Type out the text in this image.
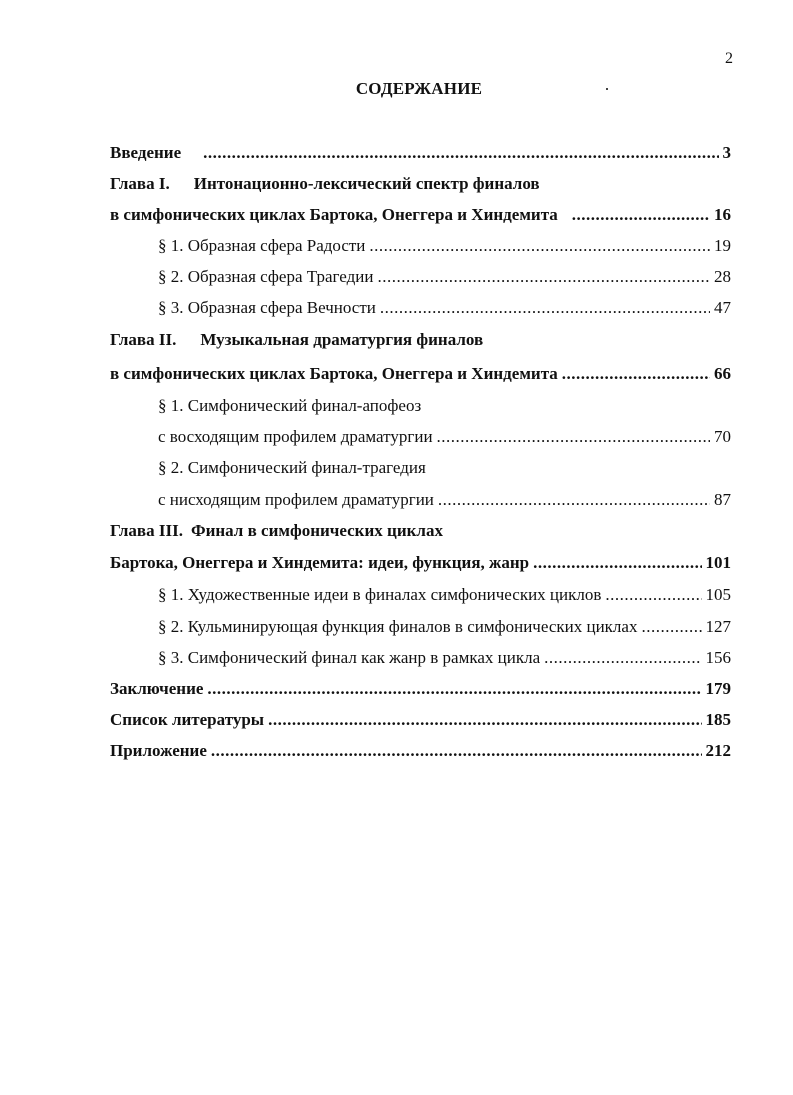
2
СОДЕРЖАНИЕ
Введение .....	3
Глава I. Интонационно-лексический спектр финалов
в симфонических циклах Бартока, Онеггера и Хиндемита .....	16
§ 1. Образная сфера Радости .....	19
§ 2. Образная сфера Трагедии .....	28
§ 3. Образная сфера Вечности .....	47
Глава II. Музыкальная драматургия финалов
в симфонических циклах Бартока, Онеггера и Хиндемита .....	66
§ 1. Симфонический финал-апофеоз
с восходящим профилем драматургии .....	70
§ 2. Симфонический финал-трагедия
с нисходящим профилем драматургии .....	87
Глава III. Финал в симфонических циклах
Бартока, Онеггера и Хиндемита: идеи, функция, жанр .....	101
§ 1. Художественные идеи в финалах симфонических циклов .....	105
§ 2. Кульминирующая функция финалов в симфонических циклах .....	127
§ 3. Симфонический финал как жанр в рамках цикла .....	156
Заключение .....	179
Список литературы .....	185
Приложение .....	212
